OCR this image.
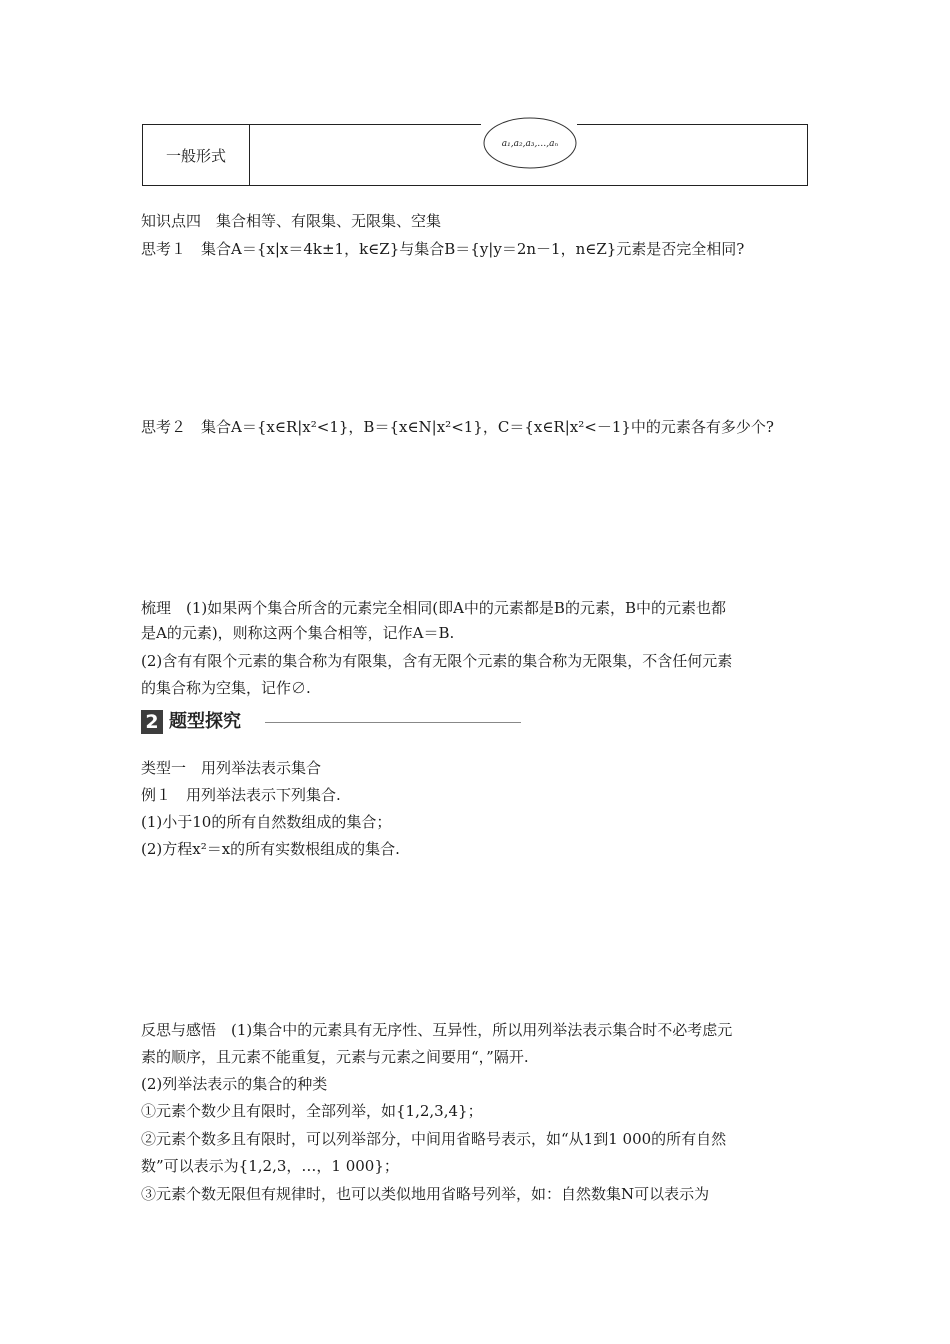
一般形式
a₁,a₂,a₃,…,aₙ
知识点四　集合相等、有限集、无限集、空集
思考１　集合A＝{x|x＝4k±1，k∈Z}与集合B＝{y|y＝2n－1，n∈Z}元素是否完全相同?
思考２　集合A＝{x∈R|x²<1}，B＝{x∈N|x²<1}，C＝{x∈R|x²<－1}中的元素各有多少个?
梳理　(1)如果两个集合所含的元素完全相同(即A中的元素都是B的元素，B中的元素也都
是A的元素)，则称这两个集合相等，记作A＝B.
(2)含有有限个元素的集合称为有限集，含有无限个元素的集合称为无限集，不含任何元素
的集合称为空集，记作∅.
2 题型探究
类型一　用列举法表示集合
例１　用列举法表示下列集合.
(1)小于10的所有自然数组成的集合；
(2)方程x²＝x的所有实数根组成的集合.
反思与感悟　(1)集合中的元素具有无序性、互异性，所以用列举法表示集合时不必考虑元
素的顺序，且元素不能重复，元素与元素之间要用“，”隔开.
(2)列举法表示的集合的种类
①元素个数少且有限时，全部列举，如{1,2,3,4}；
②元素个数多且有限时，可以列举部分，中间用省略号表示，如“从1到1 000的所有自然
数”可以表示为{1,2,3，…，1 000}；
③元素个数无限但有规律时，也可以类似地用省略号列举，如：自然数集N可以表示为
